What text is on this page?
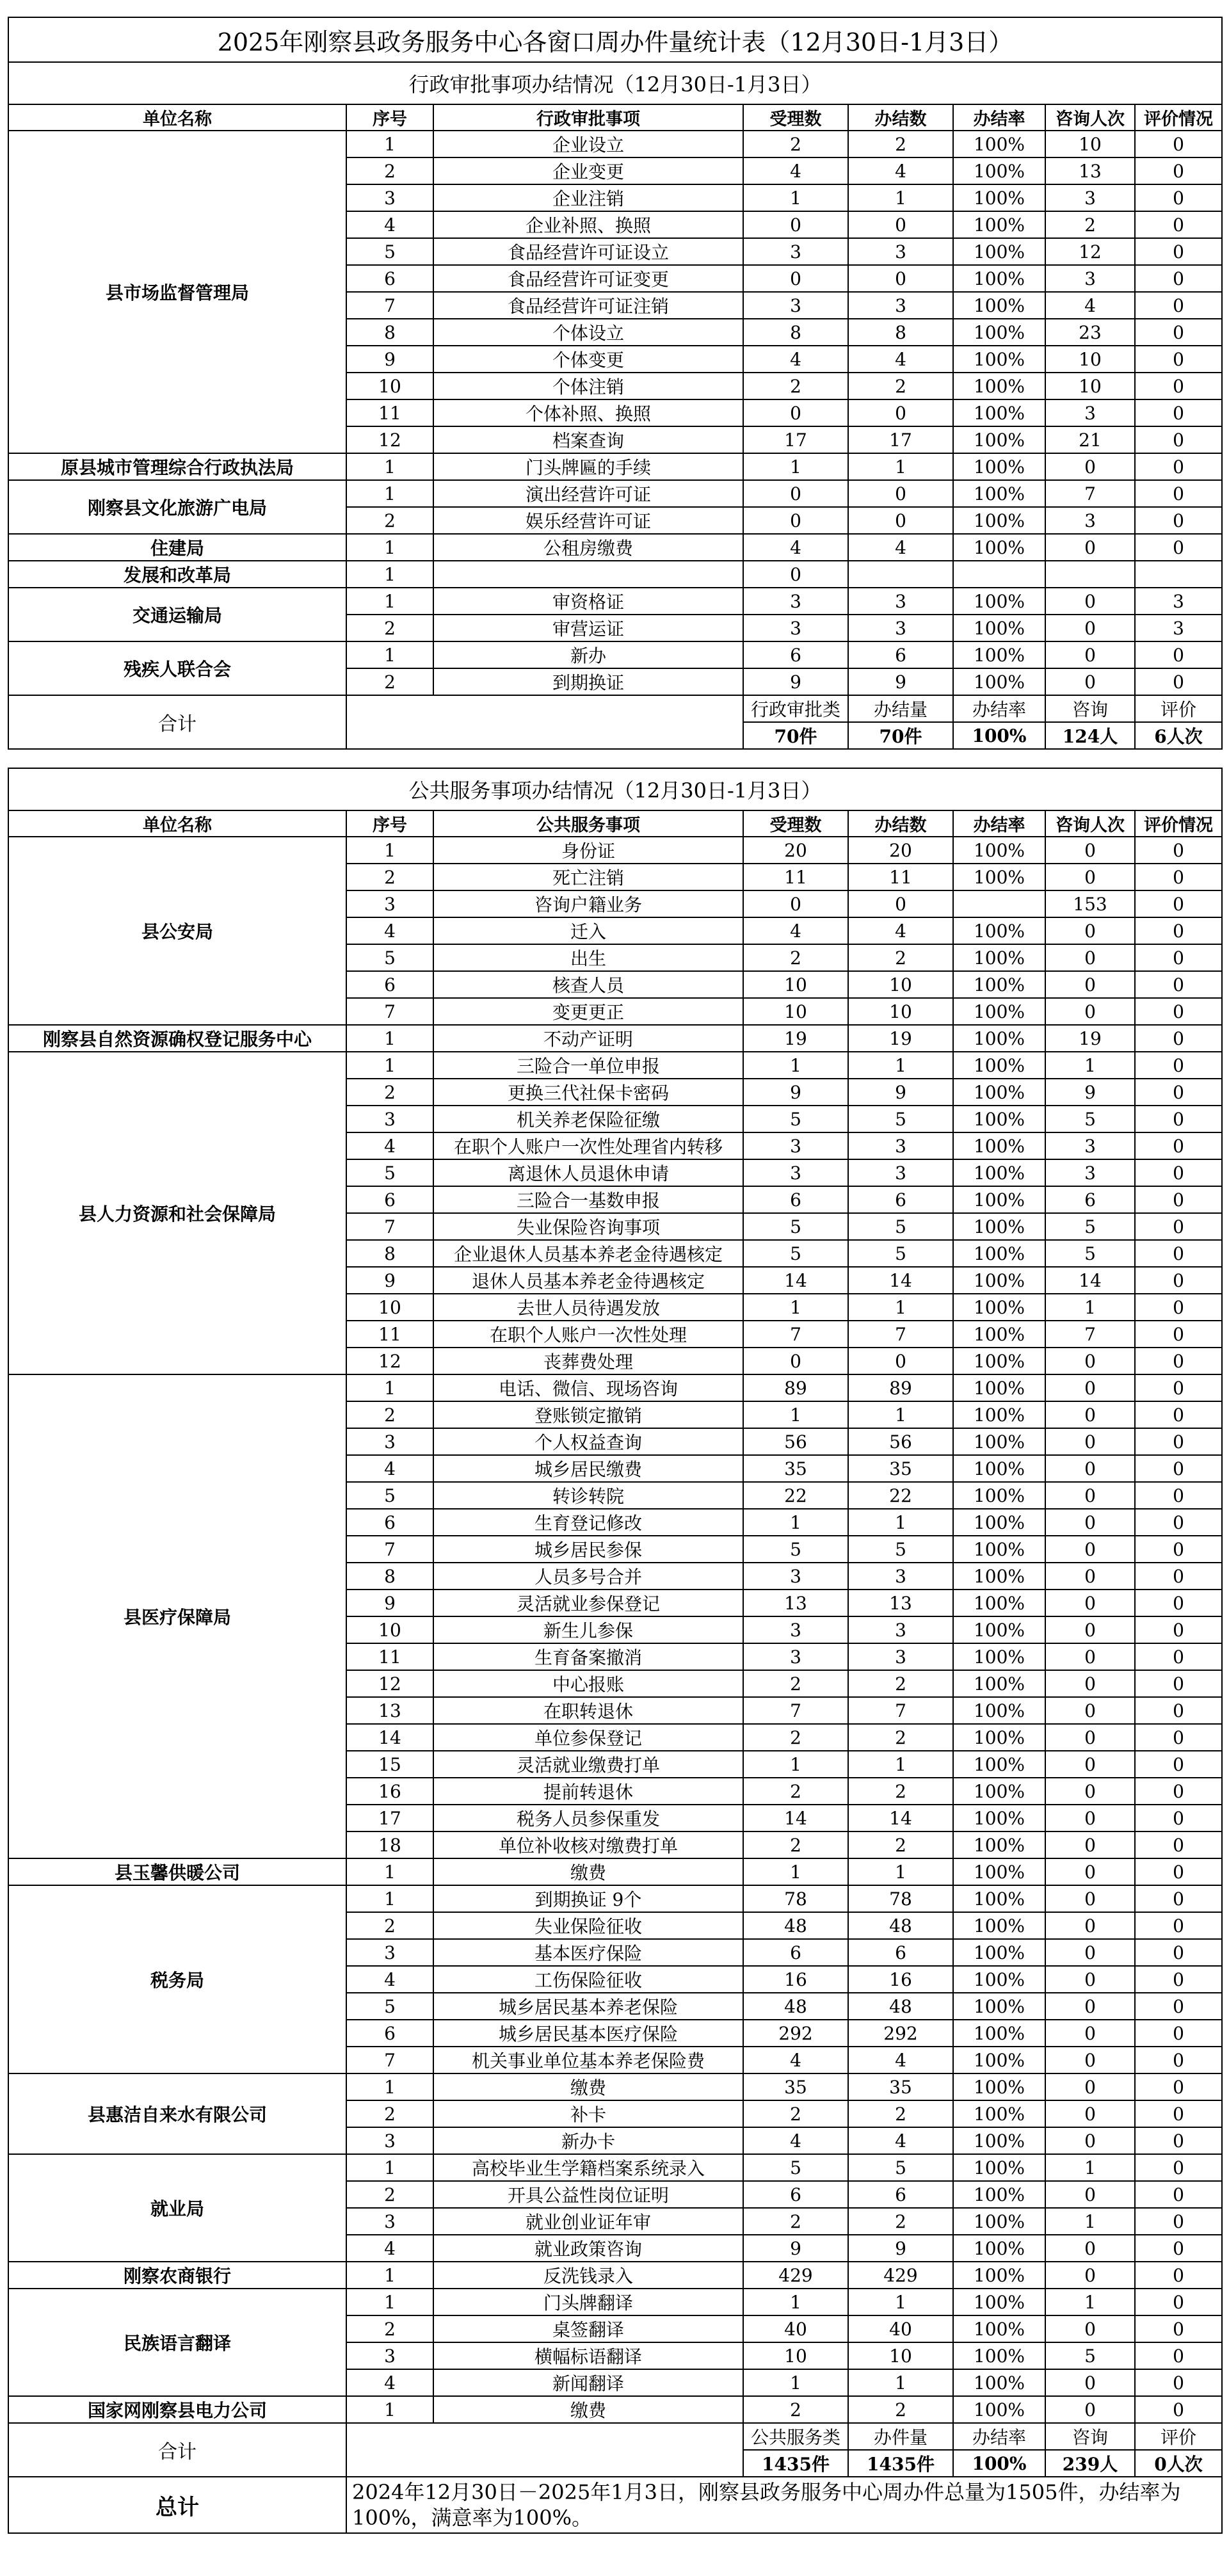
2025年刚察县政务服务中心各窗口周办件量统计表（12月30日-1月3日）							
行政审批事项办结情况（12月30日-1月3日）							
单位名称	序号	行政审批事项	受理数	办结数	办结率	咨询人次	评价情况
县市场监督管理局	1	企业设立	2	2	100%	10	0
	2	企业变更	4	4	100%	13	0
	3	企业注销	1	1	100%	3	0
	4	企业补照、换照	0	0	100%	2	0
	5	食品经营许可证设立	3	3	100%	12	0
	6	食品经营许可证变更	0	0	100%	3	0
	7	食品经营许可证注销	3	3	100%	4	0
	8	个体设立	8	8	100%	23	0
	9	个体变更	4	4	100%	10	0
	10	个体注销	2	2	100%	10	0
	11	个体补照、换照	0	0	100%	3	0
	12	档案查询	17	17	100%	21	0
原县城市管理综合行政执法局	1	门头牌匾的手续	1	1	100%	0	0
刚察县文化旅游广电局	1	演出经营许可证	0	0	100%	7	0
	2	娱乐经营许可证	0	0	100%	3	0
住建局	1	公租房缴费	4	4	100%	0	0
发展和改革局	1		0				
交通运输局	1	审资格证	3	3	100%	0	3
	2	审营运证	3	3	100%	0	3
残疾人联合会	1	新办	6	6	100%	0	0
	2	到期换证	9	9	100%	0	0
合计			行政审批类	办结量	办结率	咨询	评价
			70件	70件	100%	124人	6人次

公共服务事项办结情况（12月30日-1月3日）							
单位名称	序号	公共服务事项	受理数	办结数	办结率	咨询人次	评价情况
县公安局	1	身份证	20	20	100%	0	0
	2	死亡注销	11	11	100%	0	0
	3	咨询户籍业务	0	0		153	0
	4	迁入	4	4	100%	0	0
	5	出生	2	2	100%	0	0
	6	核查人员	10	10	100%	0	0
	7	变更更正	10	10	100%	0	0
刚察县自然资源确权登记服务中心	1	不动产证明	19	19	100%	19	0
县人力资源和社会保障局	1	三险合一单位申报	1	1	100%	1	0
	2	更换三代社保卡密码	9	9	100%	9	0
	3	机关养老保险征缴	5	5	100%	5	0
	4	在职个人账户一次性处理省内转移	3	3	100%	3	0
	5	离退休人员退休申请	3	3	100%	3	0
	6	三险合一基数申报	6	6	100%	6	0
	7	失业保险咨询事项	5	5	100%	5	0
	8	企业退休人员基本养老金待遇核定	5	5	100%	5	0
	9	退休人员基本养老金待遇核定	14	14	100%	14	0
	10	去世人员待遇发放	1	1	100%	1	0
	11	在职个人账户一次性处理	7	7	100%	7	0
	12	丧葬费处理	0	0	100%	0	0
县医疗保障局	1	电话、微信、现场咨询	89	89	100%	0	0
	2	登账锁定撤销	1	1	100%	0	0
	3	个人权益查询	56	56	100%	0	0
	4	城乡居民缴费	35	35	100%	0	0
	5	转诊转院	22	22	100%	0	0
	6	生育登记修改	1	1	100%	0	0
	7	城乡居民参保	5	5	100%	0	0
	8	人员多号合并	3	3	100%	0	0
	9	灵活就业参保登记	13	13	100%	0	0
	10	新生儿参保	3	3	100%	0	0
	11	生育备案撤消	3	3	100%	0	0
	12	中心报账	2	2	100%	0	0
	13	在职转退休	7	7	100%	0	0
	14	单位参保登记	2	2	100%	0	0
	15	灵活就业缴费打单	1	1	100%	0	0
	16	提前转退休	2	2	100%	0	0
	17	税务人员参保重发	14	14	100%	0	0
	18	单位补收核对缴费打单	2	2	100%	0	0
县玉馨供暖公司	1	缴费	1	1	100%	0	0
税务局	1	到期换证 9个	78	78	100%	0	0
	2	失业保险征收	48	48	100%	0	0
	3	基本医疗保险	6	6	100%	0	0
	4	工伤保险征收	16	16	100%	0	0
	5	城乡居民基本养老保险	48	48	100%	0	0
	6	城乡居民基本医疗保险	292	292	100%	0	0
	7	机关事业单位基本养老保险费	4	4	100%	0	0
县惠洁自来水有限公司	1	缴费	35	35	100%	0	0
	2	补卡	2	2	100%	0	0
	3	新办卡	4	4	100%	0	0
就业局	1	高校毕业生学籍档案系统录入	5	5	100%	1	0
	2	开具公益性岗位证明	6	6	100%	0	0
	3	就业创业证年审	2	2	100%	1	0
	4	就业政策咨询	9	9	100%	0	0
刚察农商银行	1	反洗钱录入	429	429	100%	0	0
民族语言翻译	1	门头牌翻译	1	1	100%	1	0
	2	桌签翻译	40	40	100%	0	0
	3	横幅标语翻译	10	10	100%	5	0
	4	新闻翻译	1	1	100%	0	0
国家网刚察县电力公司	1	缴费	2	2	100%	0	0
合计			公共服务类	办件量	办结率	咨询	评价
			1435件	1435件	100%	239人	0人次
总计	2024年12月30日－2025年1月3日，刚察县政务服务中心周办件总量为1505件，办结率为100%，满意率为100%。						
